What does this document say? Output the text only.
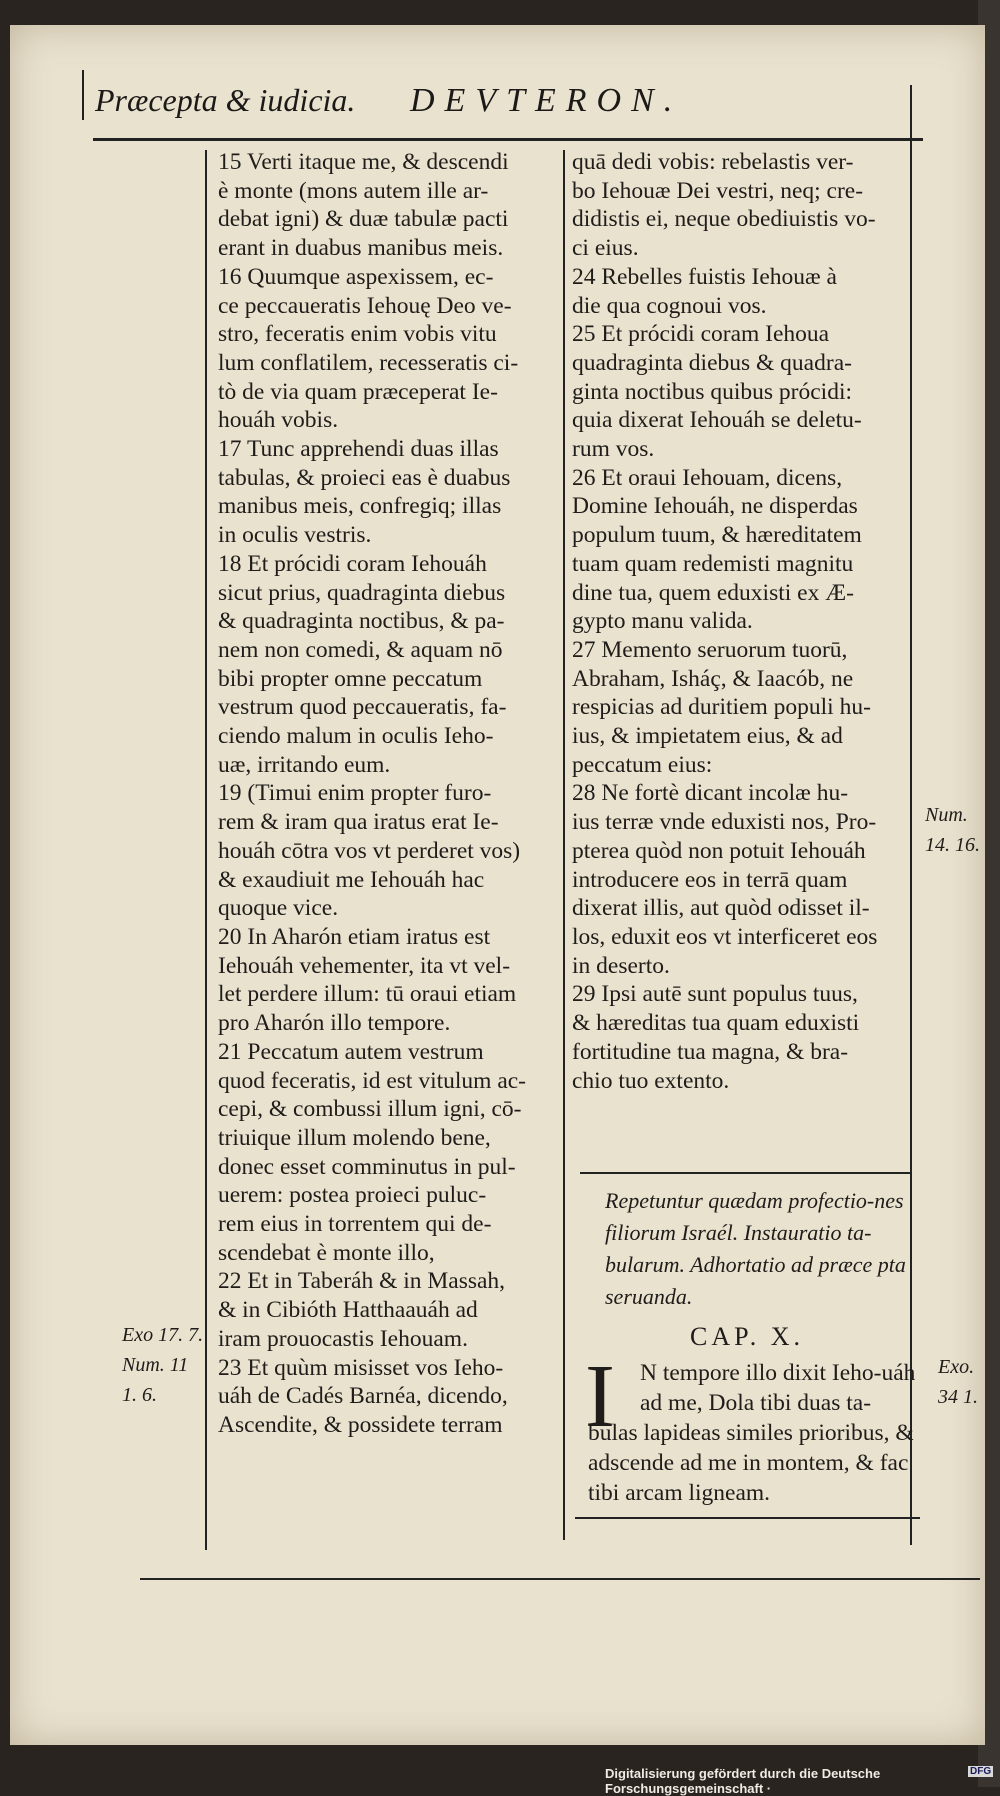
Præcepta & iudicia. DEVTERON.
15 Verti itaque me, & descendi
è monte (mons autem ille ar-
debat igni) & duæ tabulæ pacti
erant in duabus manibus meis.
16 Quumque aspexissem, ec-
ce peccaueratis Iehouę Deo ve-
stro, feceratis enim vobis vitu
lum conflatilem, recesseratis ci-
tò de via quam præceperat Ie-
houáh vobis.
17 Tunc apprehendi duas illas
tabulas, & proieci eas è duabus
manibus meis, confregiq; illas
in oculis vestris.
18 Et prócidi coram Iehouáh
sicut prius, quadraginta diebus
& quadraginta noctibus, & pa-
nem non comedi, & aquam nō
bibi propter omne peccatum
vestrum quod peccaueratis, fa-
ciendo malum in oculis Ieho-
uæ, irritando eum.
19 (Timui enim propter furo-
rem & iram qua iratus erat Ie-
houáh cōtra vos vt perderet vos)
& exaudiuit me Iehouáh hac
quoque vice.
20 In Aharón etiam iratus est
Iehouáh vehementer, ita vt vel-
let perdere illum: tū oraui etiam
pro Aharón illo tempore.
21 Peccatum autem vestrum
quod feceratis, id est vitulum ac-
cepi, & combussi illum igni, cō-
triuique illum molendo bene,
donec esset comminutus in pul-
uerem: postea proieci puluc-
rem eius in torrentem qui de-
scendebat è monte illo,
22 Et in Taberáh & in Massah,
& in Cibióth Hatthaauáh ad
iram prouocastis Iehouam.
23 Et quùm misisset vos Ieho-
uáh de Cadés Barnéa, dicendo,
Ascendite, & possidete terram
quā dedi vobis: rebelastis ver-
bo Iehouæ Dei vestri, neq; cre-
didistis ei, neque obediuistis vo-
ci eius.
24 Rebelles fuistis Iehouæ à
die qua cognoui vos.
25 Et prócidi coram Iehoua
quadraginta diebus & quadra-
ginta noctibus quibus prócidi:
quia dixerat Iehouáh se deletu-
rum vos.
26 Et oraui Iehouam, dicens,
Domine Iehouáh, ne disperdas
populum tuum, & hæreditatem
tuam quam redemisti magnitu
dine tua, quem eduxisti ex Æ-
gypto manu valida.
27 Memento seruorum tuorū,
Abraham, Isháç, & Iaacób, ne
respicias ad duritiem populi hu-
ius, & impietatem eius, & ad
peccatum eius:
28 Ne fortè dicant incolæ hu-
ius terræ vnde eduxisti nos, Pro-
pterea quòd non potuit Iehouáh
introducere eos in terrā quam
dixerat illis, aut quòd odisset il-
los, eduxit eos vt interficeret eos
in deserto.
29 Ipsi autē sunt populus tuus,
& hæreditas tua quam eduxisti
fortitudine tua magna, & bra-
chio tuo extento.
Repetuntur quædam profectio-nes filiorum Israél. Instauratio ta-bularum. Adhortatio ad præce pta seruanda.
CAP. X.
I N tempore illo dixit Ieho-uáh ad me, Dola tibi duas ta-
bulas lapideas similes prioribus, & adscende ad me in montem, & fac tibi arcam ligneam.
Num. 14. 16.
Exo 17. 7. Num. 11 1. 6.
Exo. 34 1.
Digitalisierung gefördert durch die Deutsche Forschungsgemeinschaft ·
DFG
